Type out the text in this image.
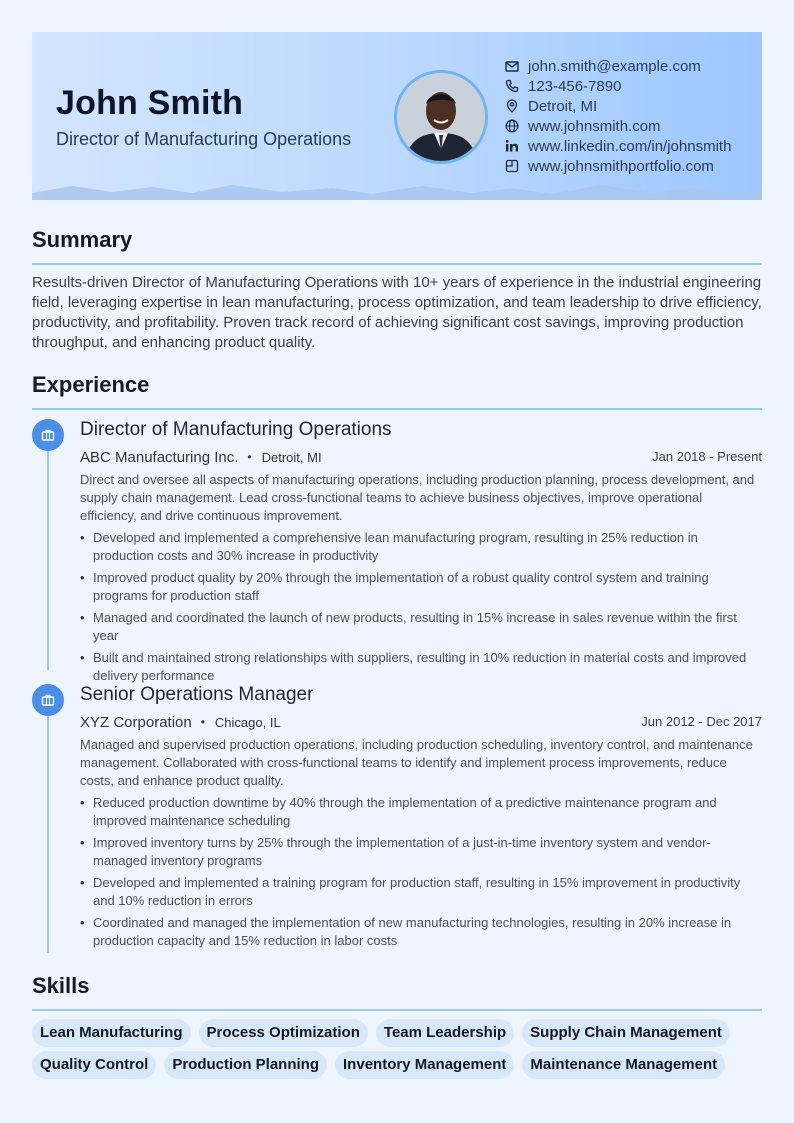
John Smith
Director of Manufacturing Operations
john.smith@example.com
123-456-7890
Detroit, MI
www.johnsmith.com
www.linkedin.com/in/johnsmith
www.johnsmithportfolio.com
Summary
Results-driven Director of Manufacturing Operations with 10+ years of experience in the industrial engineering field, leveraging expertise in lean manufacturing, process optimization, and team leadership to drive efficiency, productivity, and profitability. Proven track record of achieving significant cost savings, improving production throughput, and enhancing product quality.
Experience
Director of Manufacturing Operations
ABC Manufacturing Inc. • Detroit, MI	Jan 2018 - Present
Direct and oversee all aspects of manufacturing operations, including production planning, process development, and supply chain management. Lead cross-functional teams to achieve business objectives, improve operational efficiency, and drive continuous improvement.
• Developed and implemented a comprehensive lean manufacturing program, resulting in 25% reduction in production costs and 30% increase in productivity
• Improved product quality by 20% through the implementation of a robust quality control system and training programs for production staff
• Managed and coordinated the launch of new products, resulting in 15% increase in sales revenue within the first year
• Built and maintained strong relationships with suppliers, resulting in 10% reduction in material costs and improved delivery performance
Senior Operations Manager
XYZ Corporation • Chicago, IL	Jun 2012 - Dec 2017
Managed and supervised production operations, including production scheduling, inventory control, and maintenance management. Collaborated with cross-functional teams to identify and implement process improvements, reduce costs, and enhance product quality.
• Reduced production downtime by 40% through the implementation of a predictive maintenance program and improved maintenance scheduling
• Improved inventory turns by 25% through the implementation of a just-in-time inventory system and vendor-managed inventory programs
• Developed and implemented a training program for production staff, resulting in 15% improvement in productivity and 10% reduction in errors
• Coordinated and managed the implementation of new manufacturing technologies, resulting in 20% increase in production capacity and 15% reduction in labor costs
Skills
Lean Manufacturing	Process Optimization	Team Leadership	Supply Chain Management
Quality Control	Production Planning	Inventory Management	Maintenance Management
